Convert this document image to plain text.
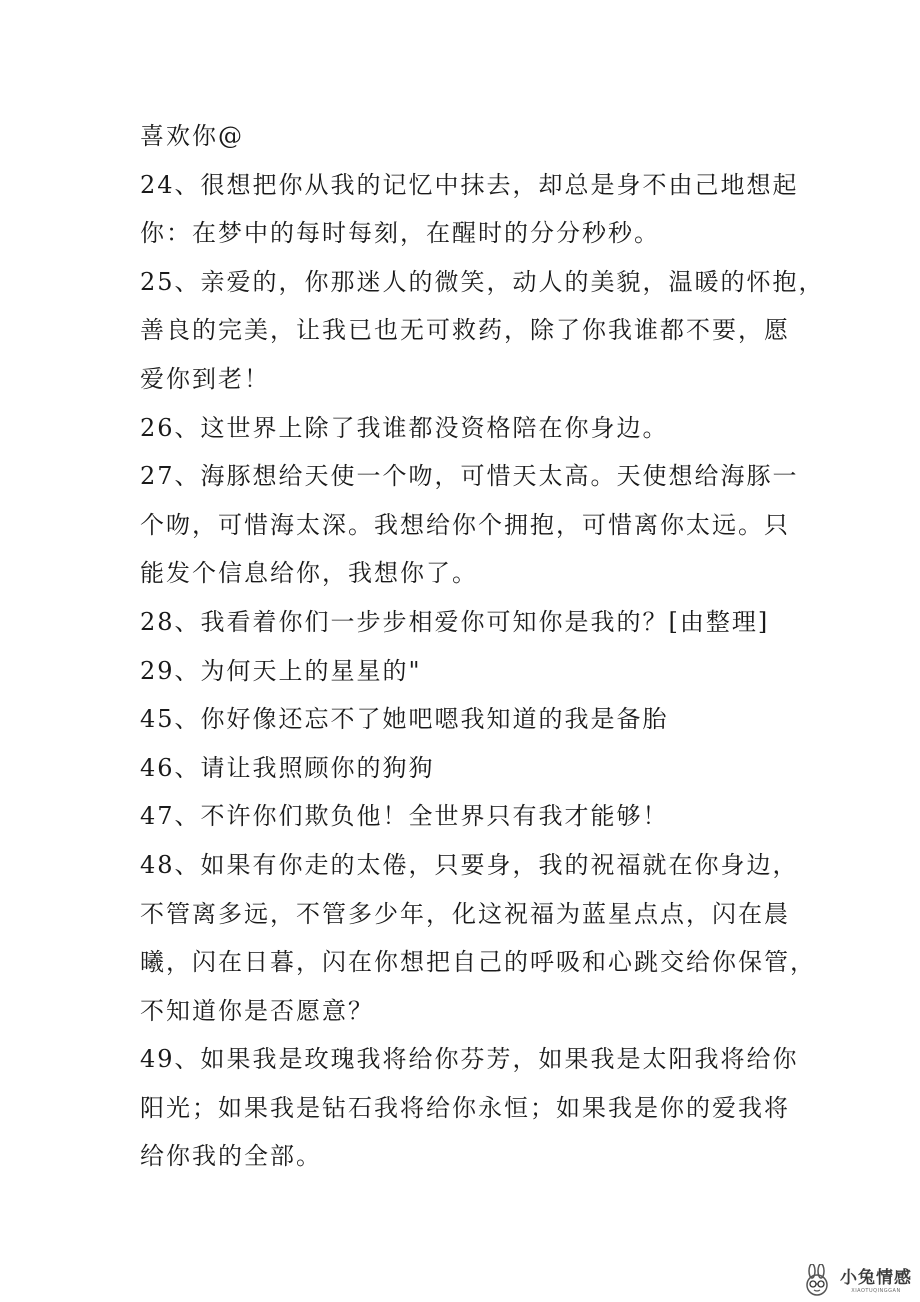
喜欢你@
24、很想把你从我的记忆中抹去，却总是身不由己地想起
你：在梦中的每时每刻，在醒时的分分秒秒。
25、亲爱的，你那迷人的微笑，动人的美貌，温暖的怀抱，
善良的完美，让我已也无可救药，除了你我谁都不要，愿
爱你到老！
26、这世界上除了我谁都没资格陪在你身边。
27、海豚想给天使一个吻，可惜天太高。天使想给海豚一
个吻，可惜海太深。我想给你个拥抱，可惜离你太远。只
能发个信息给你，我想你了。
28、我看着你们一步步相爱你可知你是我的？[由整理]
29、为何天上的星星的"
45、你好像还忘不了她吧嗯我知道的我是备胎
46、请让我照顾你的狗狗
47、不许你们欺负他！全世界只有我才能够！
48、如果有你走的太倦，只要身，我的祝福就在你身边，
不管离多远，不管多少年，化这祝福为蓝星点点，闪在晨
曦，闪在日暮，闪在你想把自己的呼吸和心跳交给你保管，
不知道你是否愿意？
49、如果我是玫瑰我将给你芬芳，如果我是太阳我将给你
阳光；如果我是钻石我将给你永恒；如果我是你的爱我将
给你我的全部。
小兔情感
XIAOTUQINGGAN
